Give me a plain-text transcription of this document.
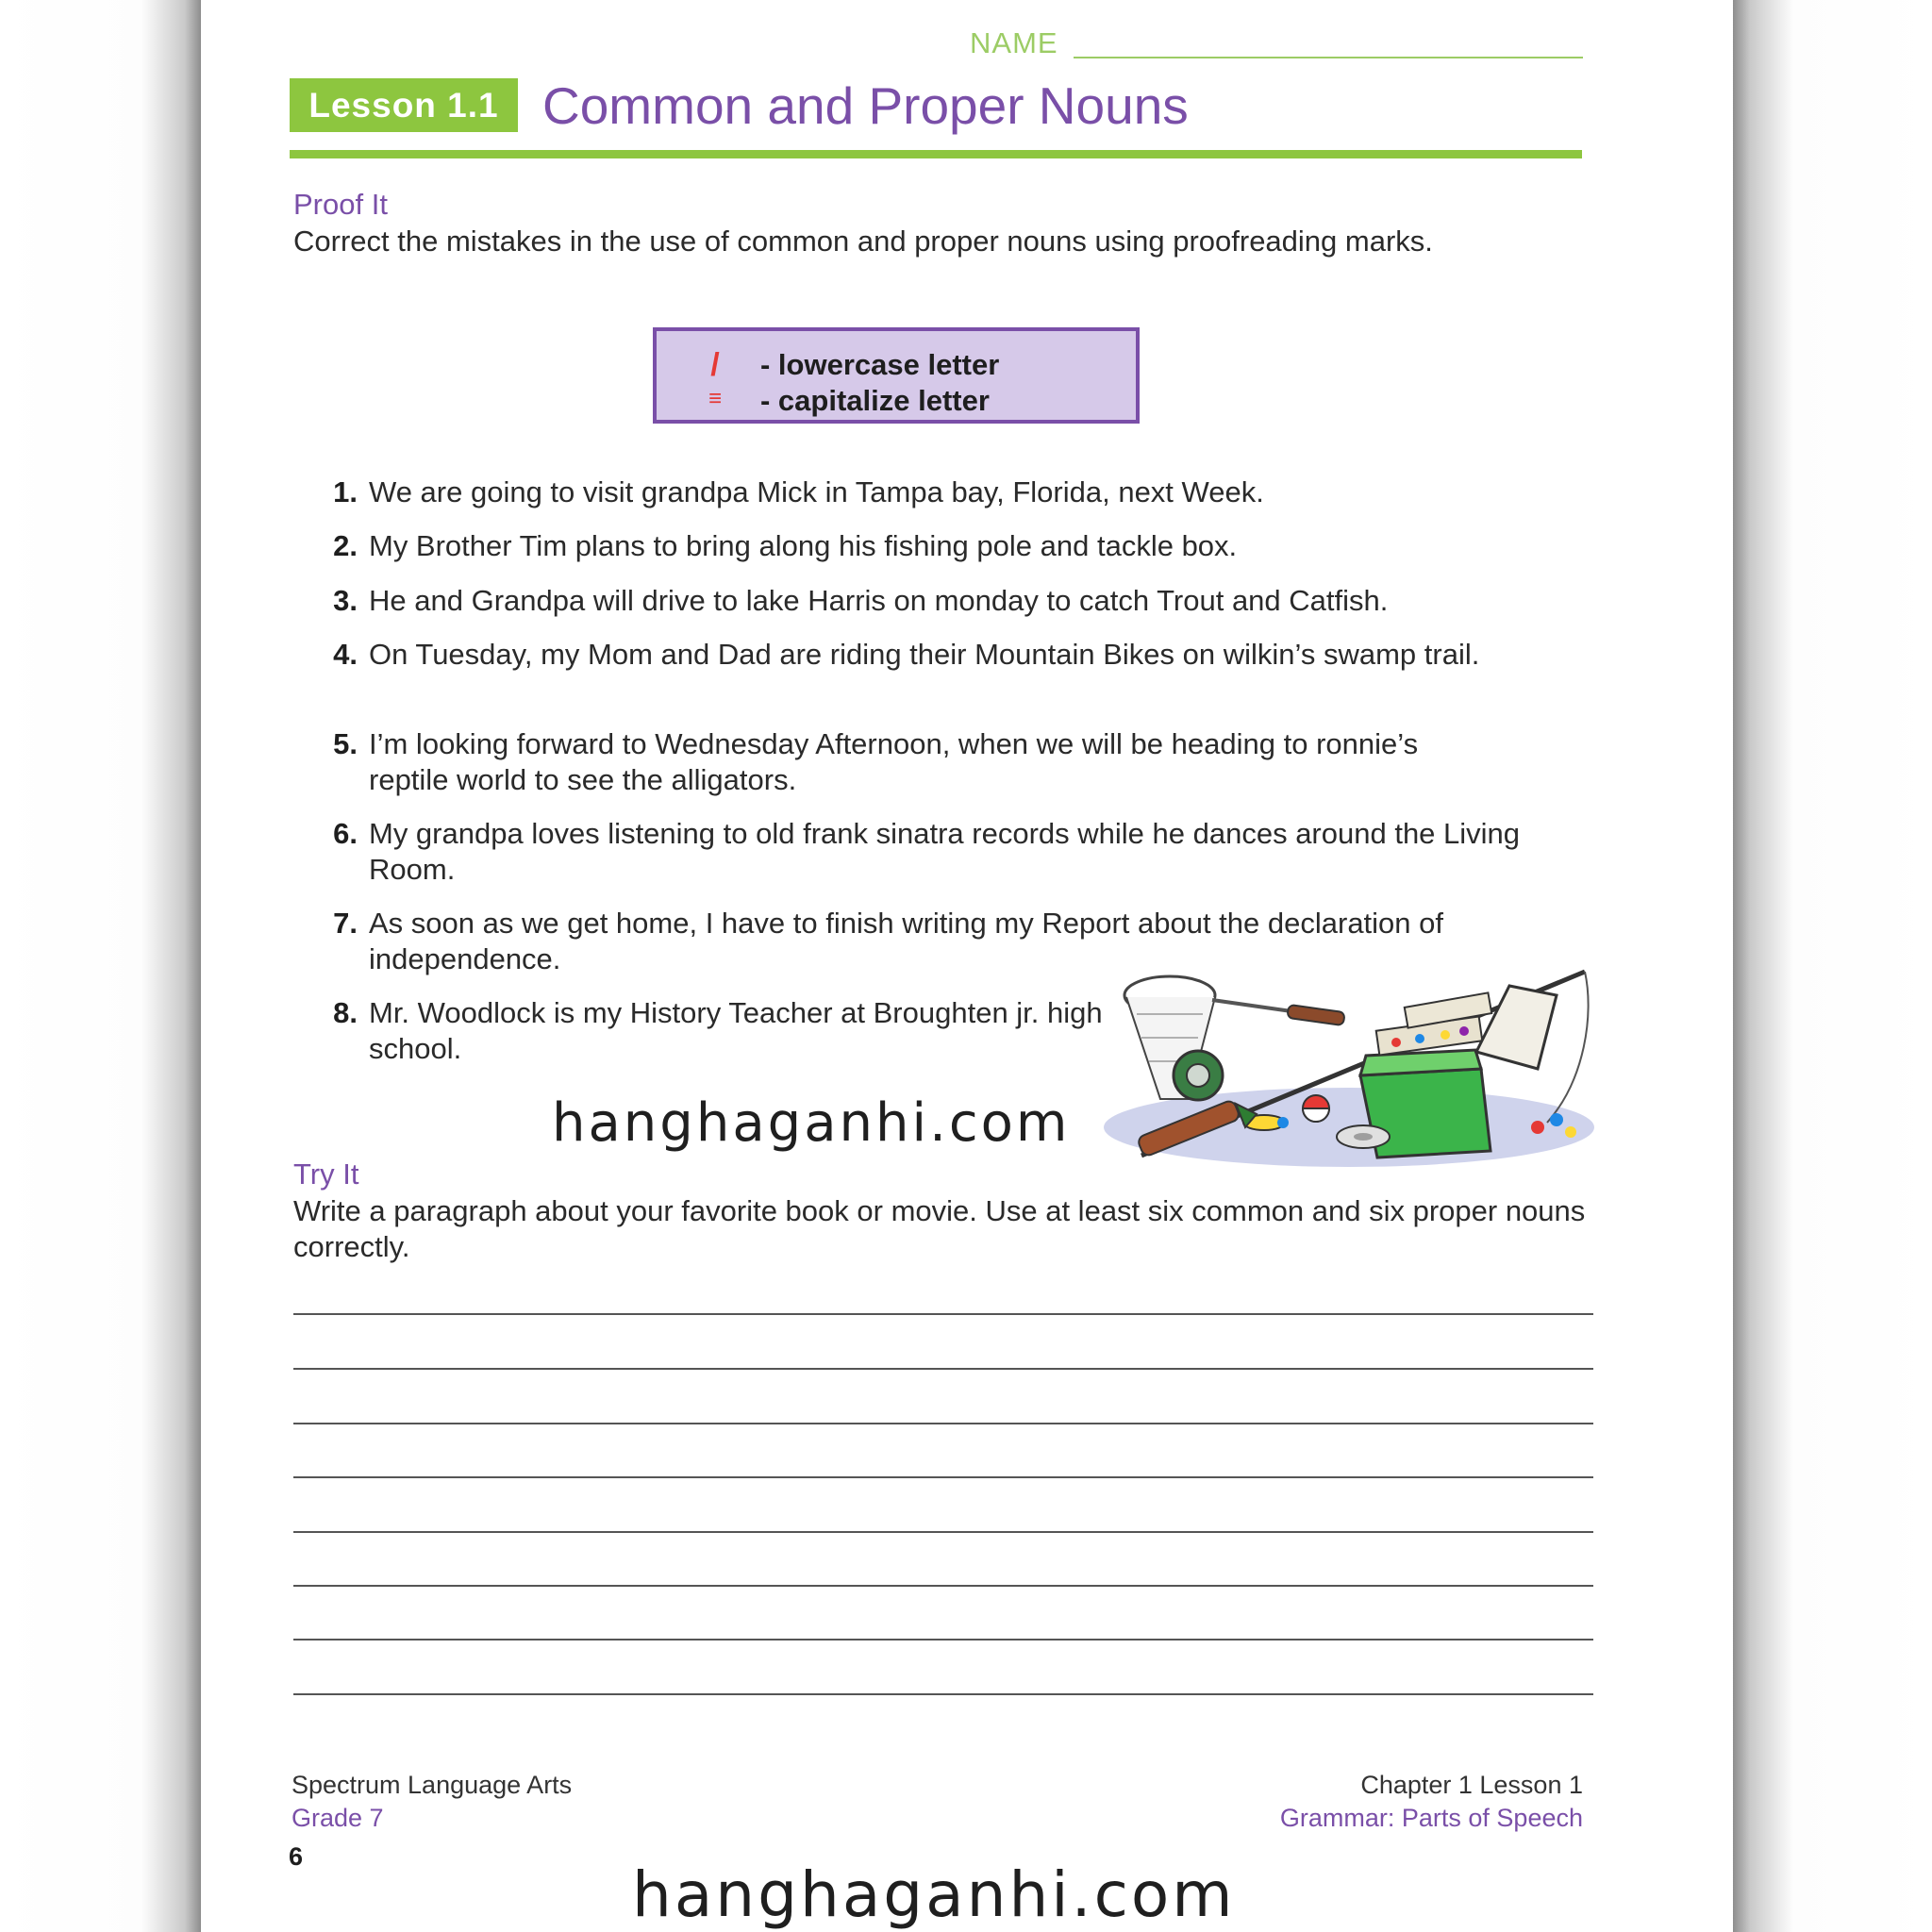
NAME
Lesson 1.1 Common and Proper Nouns
Proof It
Correct the mistakes in the use of common and proper nouns using proofreading marks.
/ - lowercase letter
≡ - capitalize letter
1. We are going to visit grandpa Mick in Tampa bay, Florida, next Week.
2. My Brother Tim plans to bring along his fishing pole and tackle box.
3. He and Grandpa will drive to lake Harris on monday to catch Trout and Catfish.
4. On Tuesday, my Mom and Dad are riding their Mountain Bikes on wilkin’s swamp trail.
5. I’m looking forward to Wednesday Afternoon, when we will be heading to ronnie’s reptile world to see the alligators.
6. My grandpa loves listening to old frank sinatra records while he dances around the Living Room.
7. As soon as we get home, I have to finish writing my Report about the declaration of independence.
8. Mr. Woodlock is my History Teacher at Broughten jr. high school.
hanghaganhi.com
Try It
Write a paragraph about your favorite book or movie. Use at least six common and six proper nouns correctly.
Spectrum Language Arts
Grade 7
Chapter 1 Lesson 1
Grammar: Parts of Speech
6
hanghaganhi.com
